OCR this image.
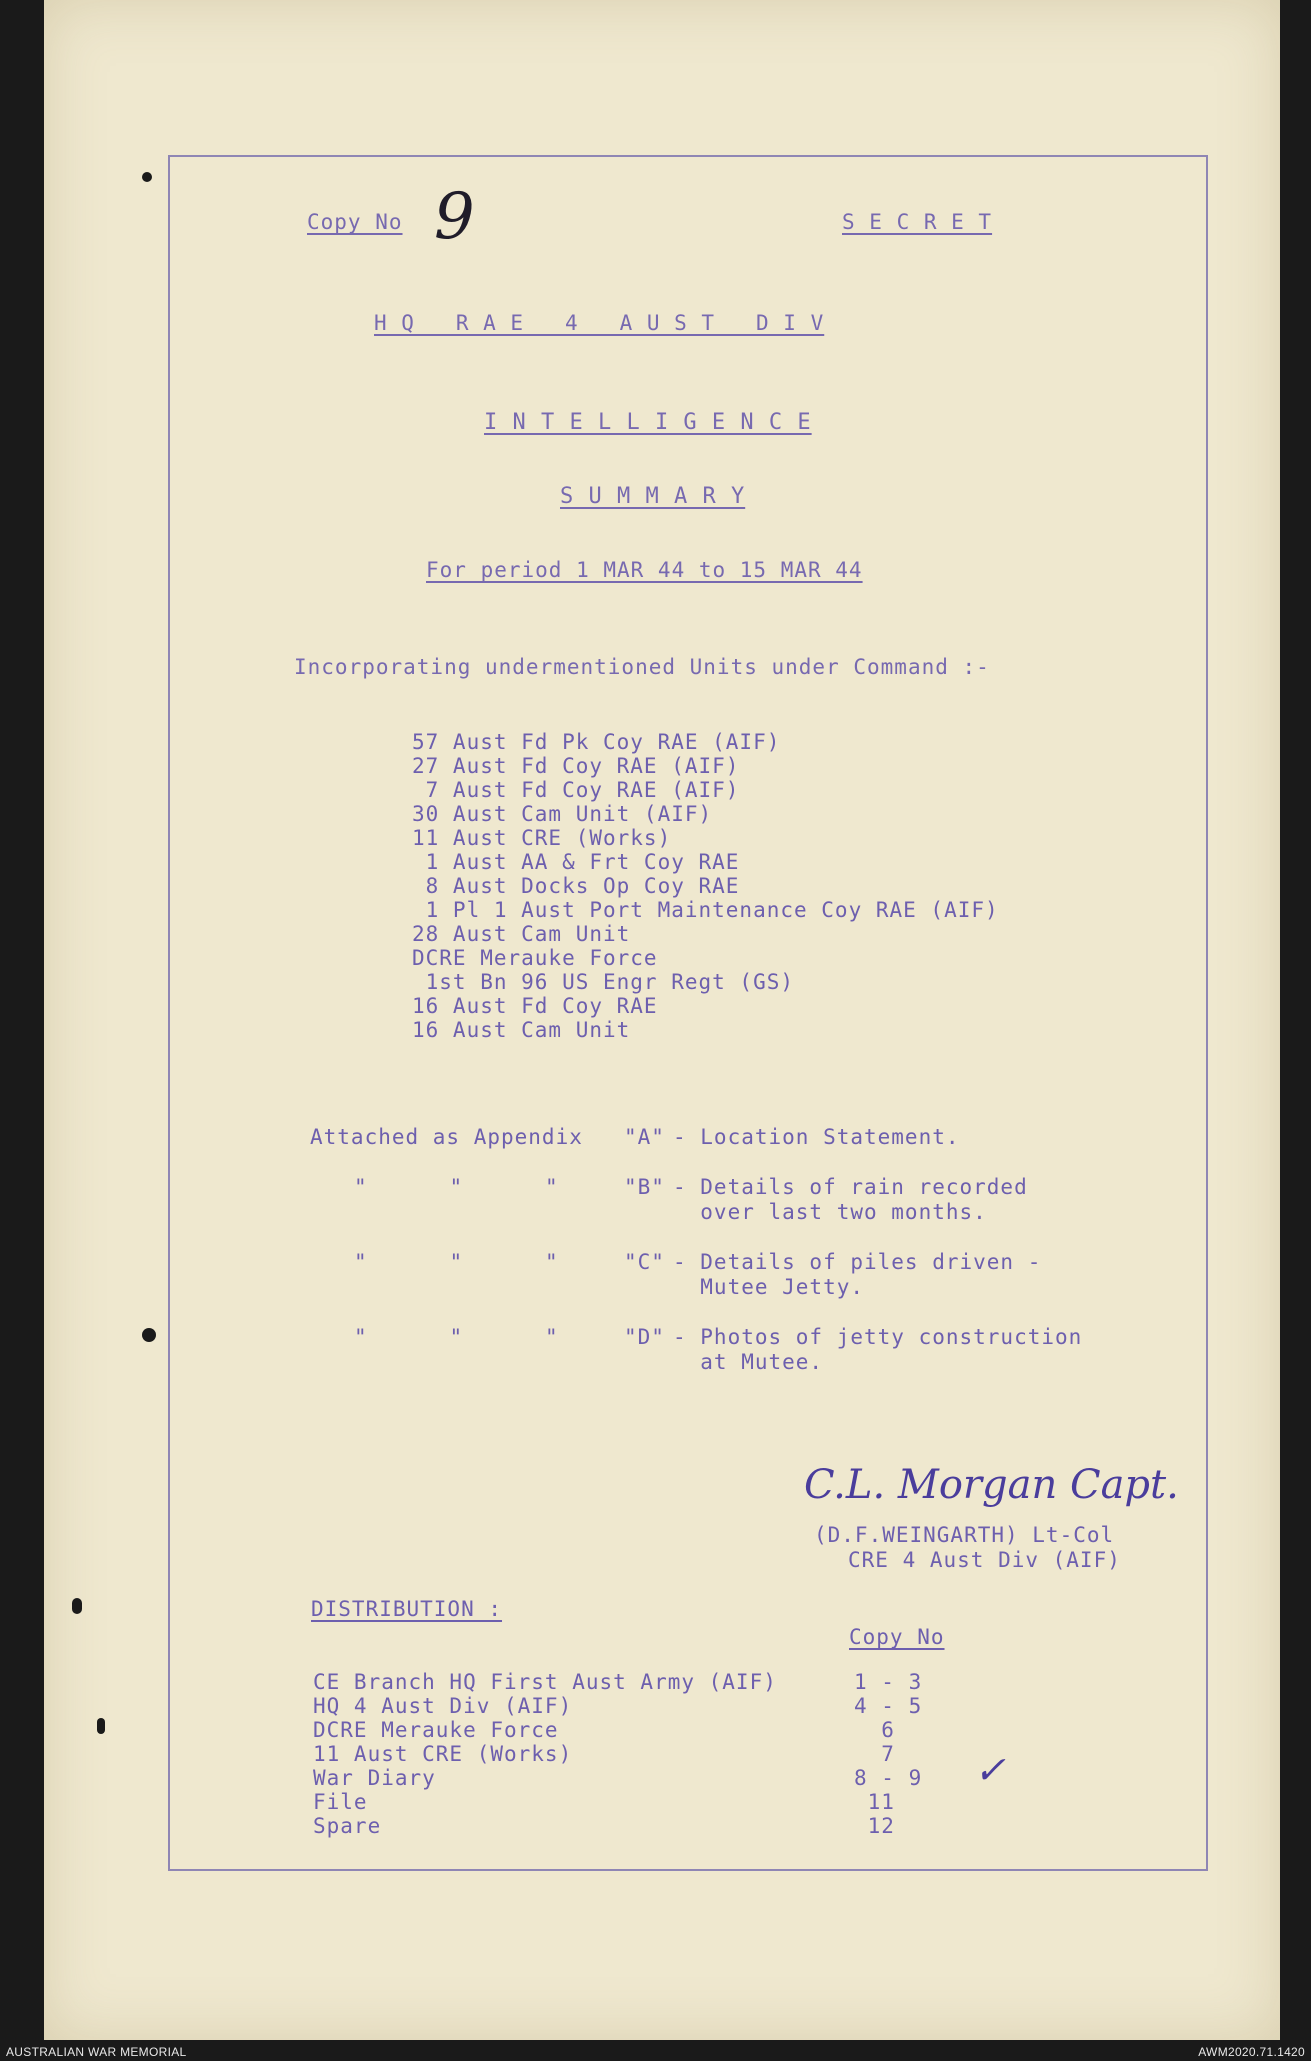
Copy No 9	S E C R E T
H Q   R A E   4   A U S T   D I V
I N T E L L I G E N C E
S U M M A R Y
For period 1 MAR 44 to 15 MAR 44
Incorporating undermentioned Units under Command :-
57 Aust Fd Pk Coy RAE (AIF)
27 Aust Fd Coy RAE (AIF)
7 Aust Fd Coy RAE (AIF)
30 Aust Cam Unit (AIF)
11 Aust CRE (Works)
1 Aust AA & Frt Coy RAE
8 Aust Docks Op Coy RAE
1 Pl 1 Aust Port Maintenance Coy RAE (AIF)
28 Aust Cam Unit
DCRE Merauke Force
1st Bn 96 US Engr Regt (GS)
16 Aust Fd Coy RAE
16 Aust Cam Unit
Attached as Appendix "A" - Location Statement.
"      "      "	"B" - Details of rain recorded
over last two months.
"      "      "	"C" - Details of piles driven -
Mutee Jetty.
"      "      "	"D" - Photos of jetty construction
at Mutee.
C.L. Morgan Capt.
(D.F.WEINGARTH) Lt-Col
CRE 4 Aust Div (AIF)
DISTRIBUTION :
Copy No
CE Branch HQ First Aust Army (AIF)	1 - 3
HQ 4 Aust Div (AIF)	4 - 5
DCRE Merauke Force	6
11 Aust CRE (Works)	7
War Diary	8 - 9
File	11
Spare	12
✓
AUSTRALIAN WAR MEMORIAL	AWM2020.71.1420
